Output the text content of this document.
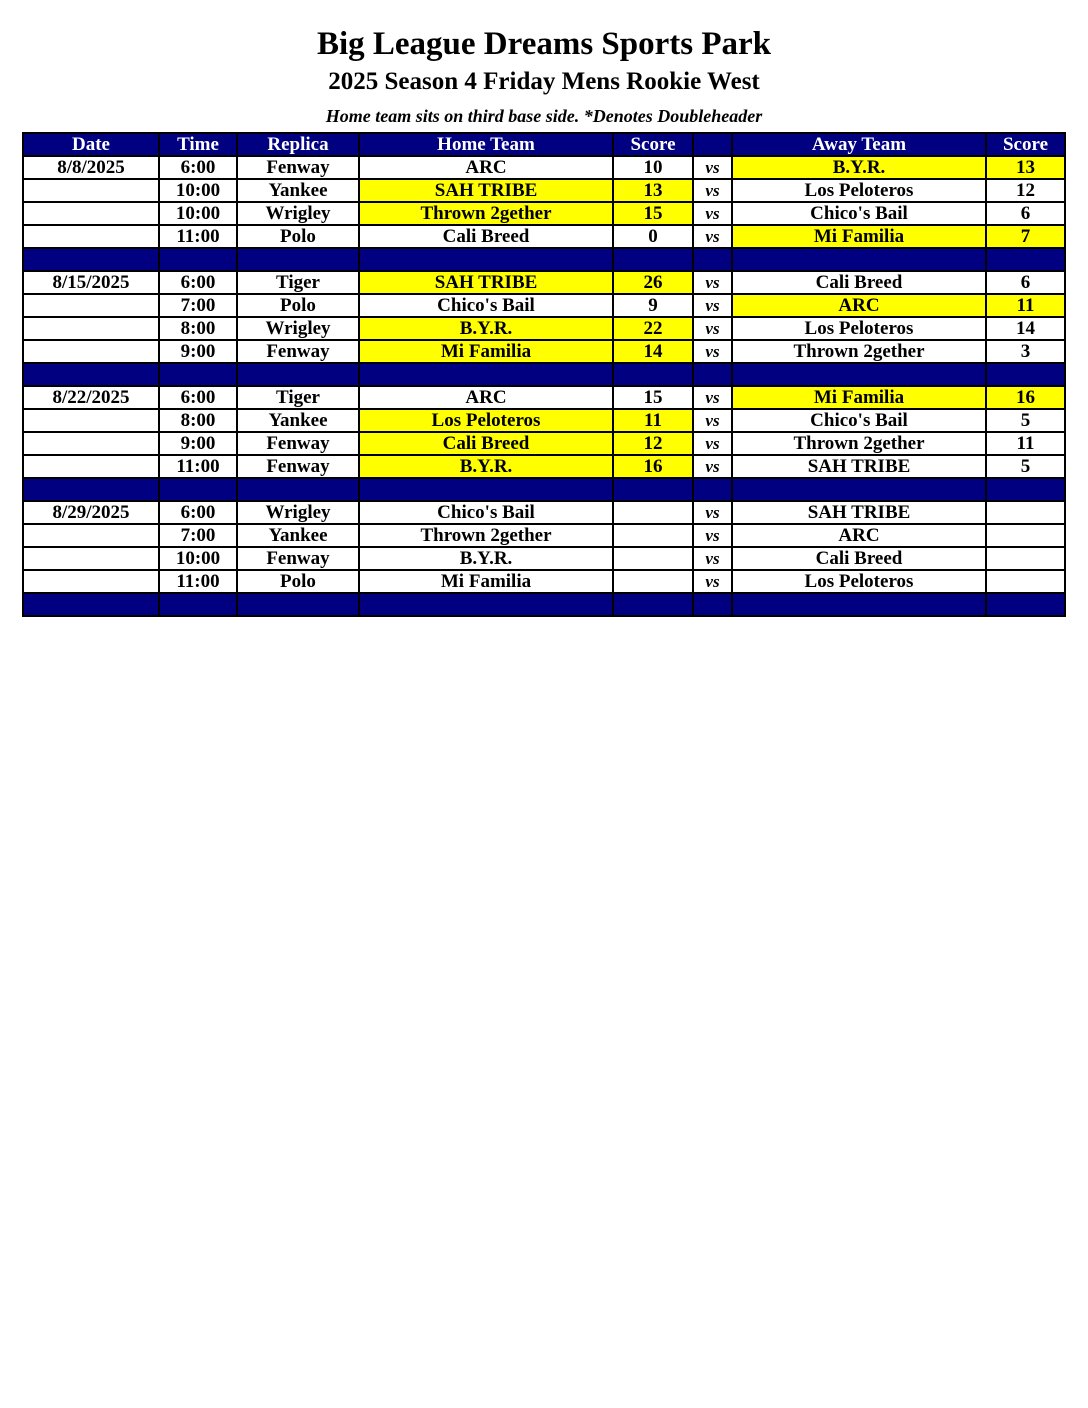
Big League Dreams Sports Park
2025 Season 4 Friday Mens Rookie West
Home team sits on third base side. *Denotes Doubleheader
Date	Time	Replica	Home Team	Score		Away Team	Score
8/8/2025	6:00	Fenway	ARC	10	vs	B.Y.R.	13
	10:00	Yankee	SAH TRIBE	13	vs	Los Peloteros	12
	10:00	Wrigley	Thrown 2gether	15	vs	Chico's Bail	6
	11:00	Polo	Cali Breed	0	vs	Mi Familia	7

8/15/2025	6:00	Tiger	SAH TRIBE	26	vs	Cali Breed	6
	7:00	Polo	Chico's Bail	9	vs	ARC	11
	8:00	Wrigley	B.Y.R.	22	vs	Los Peloteros	14
	9:00	Fenway	Mi Familia	14	vs	Thrown 2gether	3

8/22/2025	6:00	Tiger	ARC	15	vs	Mi Familia	16
	8:00	Yankee	Los Peloteros	11	vs	Chico's Bail	5
	9:00	Fenway	Cali Breed	12	vs	Thrown 2gether	11
	11:00	Fenway	B.Y.R.	16	vs	SAH TRIBE	5

8/29/2025	6:00	Wrigley	Chico's Bail		vs	SAH TRIBE	
	7:00	Yankee	Thrown 2gether		vs	ARC	
	10:00	Fenway	B.Y.R.		vs	Cali Breed	
	11:00	Polo	Mi Familia		vs	Los Peloteros	
